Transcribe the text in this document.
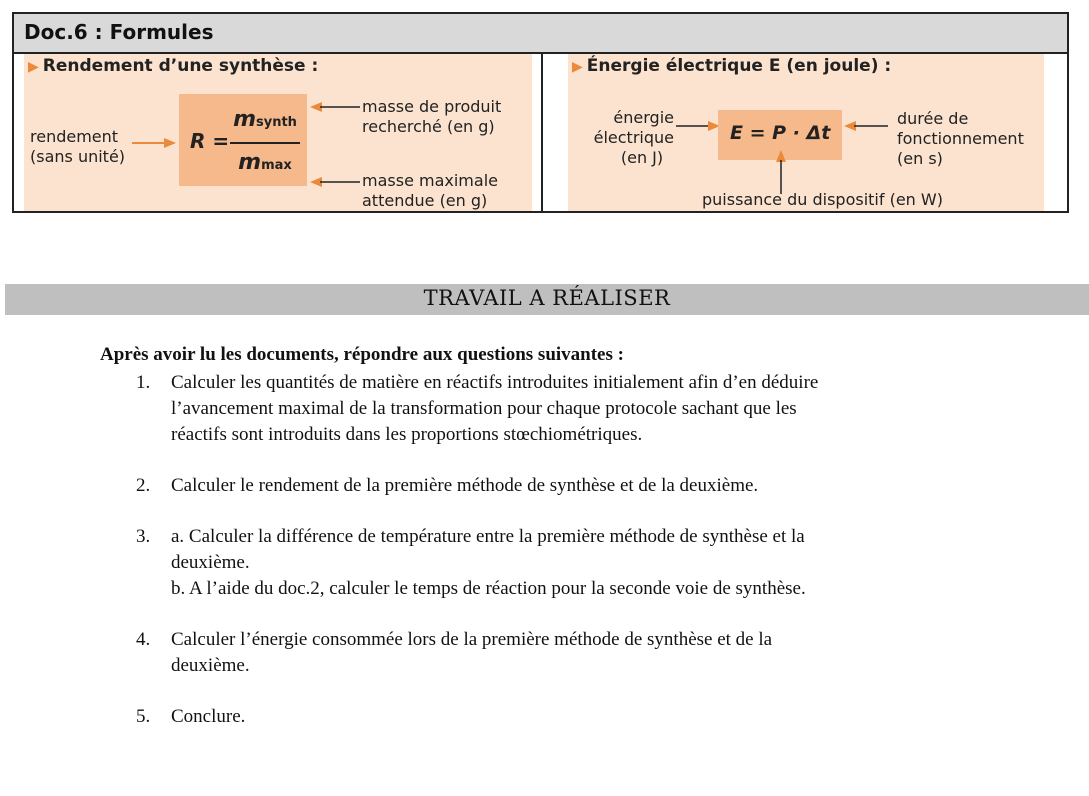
Doc.6 : Formules
▶ Rendement d’une synthèse :
rendement
(sans unité)
R =
msynth
mmax
masse de produit
recherché (en g)
masse maximale
attendue (en g)
▶ Énergie électrique E (en joule) :
énergie
électrique
(en J)
E = P · Δt
durée de
fonctionnement
(en s)
puissance du dispositif (en W)
TRAVAIL A RÉALISER
Après avoir lu les documents, répondre aux questions suivantes :
1. Calculer les quantités de matière en réactifs introduites initialement afin d’en déduire
l’avancement maximal de la transformation pour chaque protocole sachant que les
réactifs sont introduits dans les proportions stœchiométriques.
2. Calculer le rendement de la première méthode de synthèse et de la deuxième.
3. a. Calculer la différence de température entre la première méthode de synthèse et la
deuxième.
b. A l’aide du doc.2, calculer le temps de réaction pour la seconde voie de synthèse.
4. Calculer l’énergie consommée lors de la première méthode de synthèse et de la
deuxième.
5. Conclure.
